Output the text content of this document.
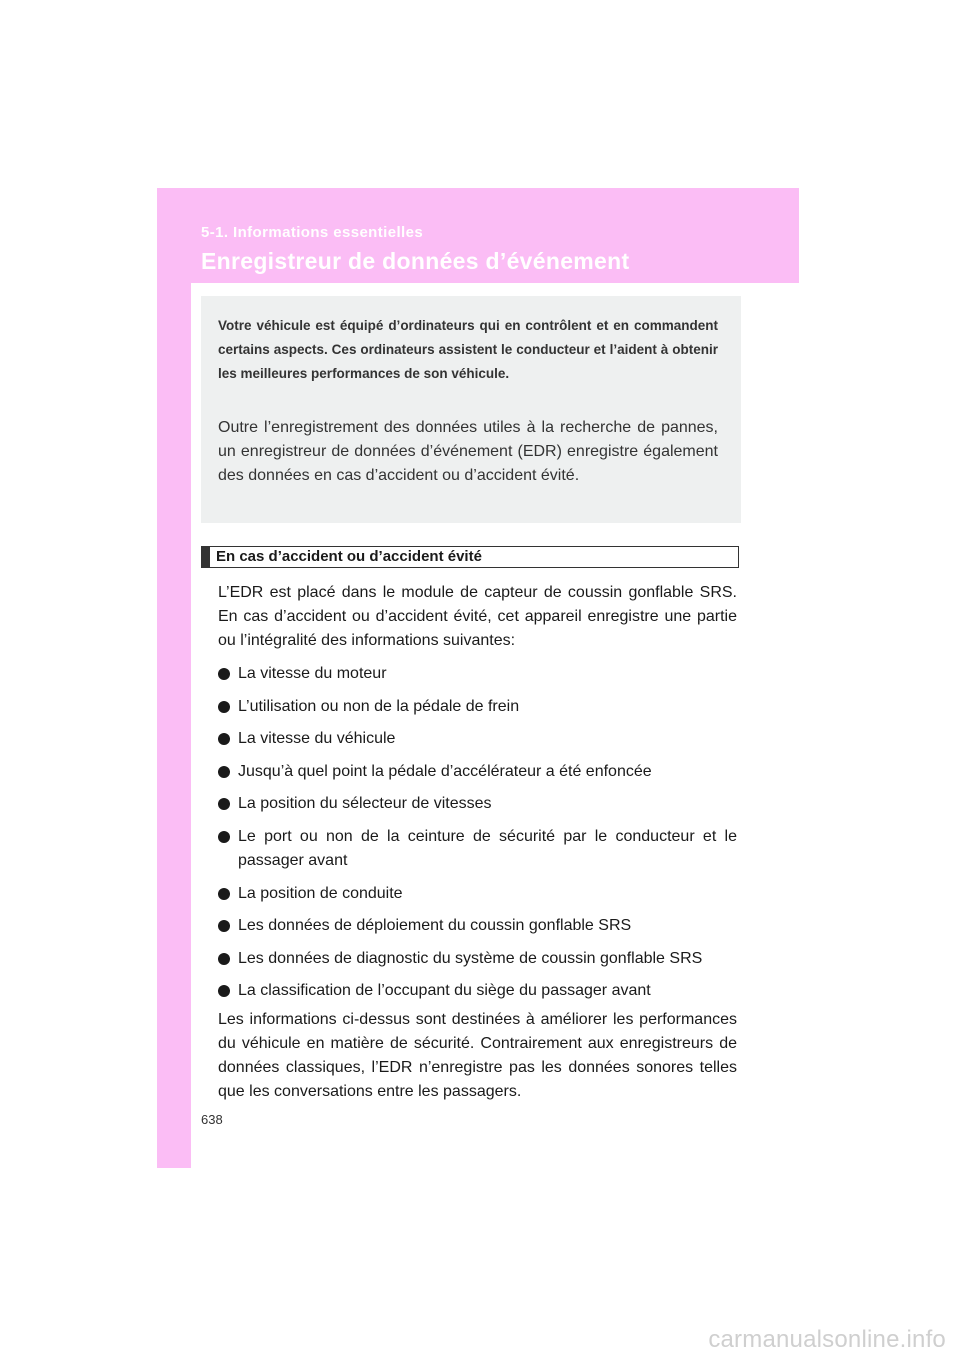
5-1. Informations essentielles
Enregistreur de données d’événement
Votre véhicule est équipé d’ordinateurs qui en contrôlent et en commandent certains aspects. Ces ordinateurs assistent le conducteur et l’aident à obtenir les meilleures performances de son véhicule.
Outre l’enregistrement des données utiles à la recherche de pannes, un enregistreur de données d’événement (EDR) enregistre également des données en cas d’accident ou d’accident évité.
En cas d’accident ou d’accident évité
L’EDR est placé dans le module de capteur de coussin gonflable SRS. En cas d’accident ou d’accident évité, cet appareil enregistre une partie ou l’intégralité des informations suivantes:
La vitesse du moteur
L’utilisation ou non de la pédale de frein
La vitesse du véhicule
Jusqu’à quel point la pédale d’accélérateur a été enfoncée
La position du sélecteur de vitesses
Le port ou non de la ceinture de sécurité par le conducteur et le passager avant
La position de conduite
Les données de déploiement du coussin gonflable SRS
Les données de diagnostic du système de coussin gonflable SRS
La classification de l’occupant du siège du passager avant
Les informations ci-dessus sont destinées à améliorer les performances du véhicule en matière de sécurité. Contrairement aux enregistreurs de données classiques, l’EDR n’enregistre pas les données sonores telles que les conversations entre les passagers.
638
carmanualsonline.info
